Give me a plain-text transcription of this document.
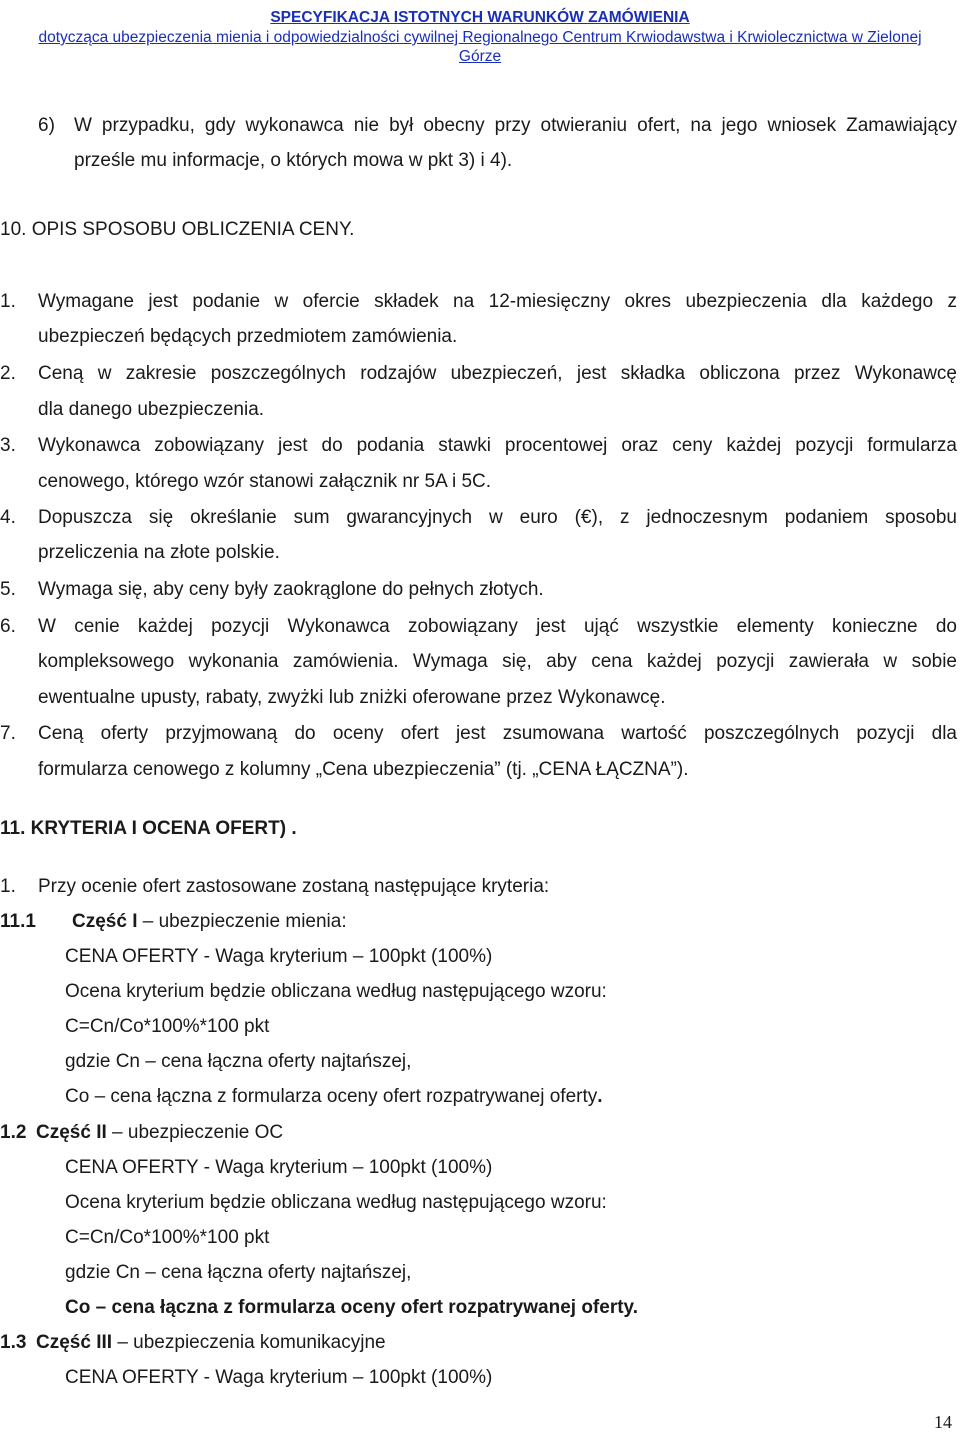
SPECYFIKACJA ISTOTNYCH WARUNKÓW ZAMÓWIENIA
dotycząca ubezpieczenia mienia i odpowiedzialności cywilnej Regionalnego Centrum Krwiodawstwa i Krwiolecznictwa w Zielonej
Górze
6) W przypadku, gdy wykonawca nie był obecny przy otwieraniu ofert, na jego wniosek Zamawiający
prześle mu informacje, o których mowa w pkt 3) i 4).
10. OPIS SPOSOBU OBLICZENIA CENY.
1. Wymagane jest podanie w ofercie składek na 12-miesięczny okres ubezpieczenia dla każdego z
ubezpieczeń będących przedmiotem zamówienia.
2. Ceną w zakresie poszczególnych rodzajów ubezpieczeń, jest składka obliczona przez Wykonawcę
dla danego ubezpieczenia.
3. Wykonawca zobowiązany jest do podania stawki procentowej oraz ceny każdej pozycji formularza
cenowego, którego wzór stanowi załącznik nr 5A i 5C.
4. Dopuszcza się określanie sum gwarancyjnych w euro (€), z jednoczesnym podaniem sposobu
przeliczenia na złote polskie.
5. Wymaga się, aby ceny były zaokrąglone do pełnych złotych.
6. W cenie każdej pozycji Wykonawca zobowiązany jest ująć wszystkie elementy konieczne do
kompleksowego wykonania zamówienia. Wymaga się, aby cena każdej pozycji zawierała w sobie
ewentualne upusty, rabaty, zwyżki lub zniżki oferowane przez Wykonawcę.
7. Ceną oferty przyjmowaną do oceny ofert jest zsumowana wartość poszczególnych pozycji dla
formularza cenowego z kolumny „Cena ubezpieczenia” (tj. „CENA ŁĄCZNA”).
11. KRYTERIA I OCENA OFERT) .
1. Przy ocenie ofert zastosowane zostaną następujące kryteria:
11.1 Część I – ubezpieczenie mienia:
CENA OFERTY - Waga kryterium – 100pkt (100%)
Ocena kryterium będzie obliczana według następującego wzoru:
C=Cn/Co*100%*100 pkt
gdzie Cn – cena łączna oferty najtańszej,
Co – cena łączna z formularza oceny ofert rozpatrywanej oferty.
1.2 Część II – ubezpieczenie OC
CENA OFERTY - Waga kryterium – 100pkt (100%)
Ocena kryterium będzie obliczana według następującego wzoru:
C=Cn/Co*100%*100 pkt
gdzie Cn – cena łączna oferty najtańszej,
Co – cena łączna z formularza oceny ofert rozpatrywanej oferty.
1.3 Część III – ubezpieczenia komunikacyjne
CENA OFERTY - Waga kryterium – 100pkt (100%)
14
